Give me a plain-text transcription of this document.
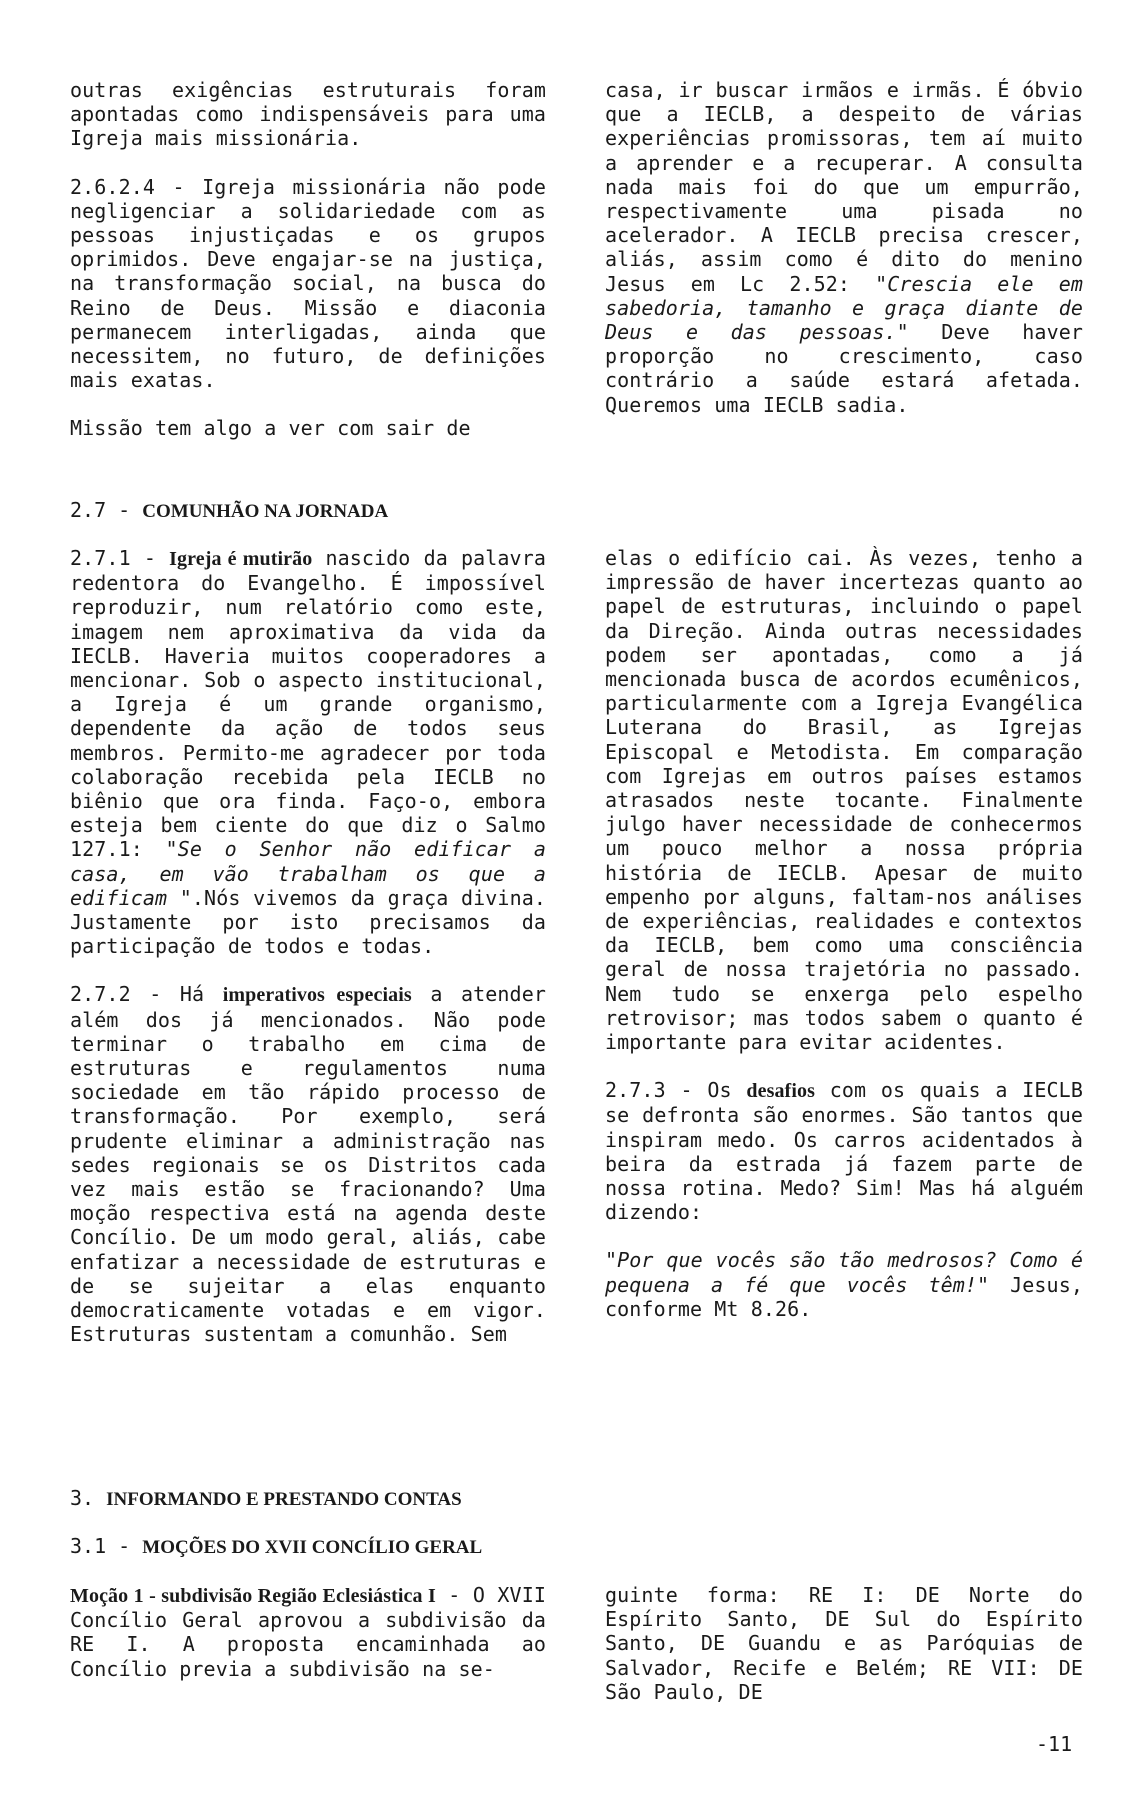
outras exigências estruturais foram apontadas como indispensáveis para uma Igreja mais missionária.

2.6.2.4 - Igreja missionária não pode negligenciar a solidariedade com as pessoas injustiçadas e os grupos oprimidos. Deve engajar-se na justiça, na transformação social, na busca do Reino de Deus. Missão e diaconia permanecem interligadas, ainda que necessitem, no futuro, de definições mais exatas.

Missão tem algo a ver com sair de

casa, ir buscar irmãos e irmãs. É óbvio que a IECLB, a despeito de várias experiências promissoras, tem aí muito a aprender e a recuperar. A consulta nada mais foi do que um empurrão, respectivamente uma pisada no acelerador. A IECLB precisa crescer, aliás, assim como é dito do menino Jesus em Lc 2.52: "Crescia ele em sabedoria, tamanho e graça diante de Deus e das pessoas." Deve haver proporção no crescimento, caso contrário a saúde estará afetada. Queremos uma IECLB sadia.

2.7 - COMUNHÃO NA JORNADA

2.7.1 - Igreja é mutirão nascido da palavra redentora do Evangelho. É impossível reproduzir, num relatório como este, imagem nem aproximativa da vida da IECLB. Haveria muitos cooperadores a mencionar. Sob o aspecto institucional, a Igreja é um grande organismo, dependente da ação de todos seus membros. Permito-me agradecer por toda colaboração recebida pela IECLB no biênio que ora finda. Faço-o, embora esteja bem ciente do que diz o Salmo 127.1: "Se o Senhor não edificar a casa, em vão trabalham os que a edificam ".Nós vivemos da graça divina. Justamente por isto precisamos da participação de todos e todas.

2.7.2 - Há imperativos especiais a atender além dos já mencionados. Não pode terminar o trabalho em cima de estruturas e regulamentos numa sociedade em tão rápido processo de transformação. Por exemplo, será prudente eliminar a administração nas sedes regionais se os Distritos cada vez mais estão se fracionando? Uma moção respectiva está na agenda deste Concílio. De um modo geral, aliás, cabe enfatizar a necessidade de estruturas e de se sujeitar a elas enquanto democraticamente votadas e em vigor. Estruturas sustentam a comunhão. Sem

elas o edifício cai. Às vezes, tenho a impressão de haver incertezas quanto ao papel de estruturas, incluindo o papel da Direção. Ainda outras necessidades podem ser apontadas, como a já mencionada busca de acordos ecumênicos, particularmente com a Igreja Evangélica Luterana do Brasil, as Igrejas Episcopal e Metodista. Em comparação com Igrejas em outros países estamos atrasados neste tocante. Finalmente julgo haver necessidade de conhecermos um pouco melhor a nossa própria história de IECLB. Apesar de muito empenho por alguns, faltam-nos análises de experiências, realidades e contextos da IECLB, bem como uma consciência geral de nossa trajetória no passado. Nem tudo se enxerga pelo espelho retrovisor; mas todos sabem o quanto é importante para evitar acidentes.

2.7.3 - Os desafios com os quais a IECLB se defronta são enormes. São tantos que inspiram medo. Os carros acidentados à beira da estrada já fazem parte de nossa rotina. Medo? Sim! Mas há alguém dizendo:

"Por que vocês são tão medrosos? Como é pequena a fé que vocês têm!" Jesus, conforme Mt 8.26.

3. INFORMANDO E PRESTANDO CONTAS
3.1 - MOÇÕES DO XVII CONCÍLIO GERAL

Moção 1 - subdivisão Região Eclesiástica I - O XVII Concílio Geral aprovou a subdivisão da RE I. A proposta encaminhada ao Concílio previa a subdivisão na se-

guinte forma: RE I: DE Norte do Espírito Santo, DE Sul do Espírito Santo, DE Guandu e as Paróquias de Salvador, Recife e Belém; RE VII: DE São Paulo, DE

-11
